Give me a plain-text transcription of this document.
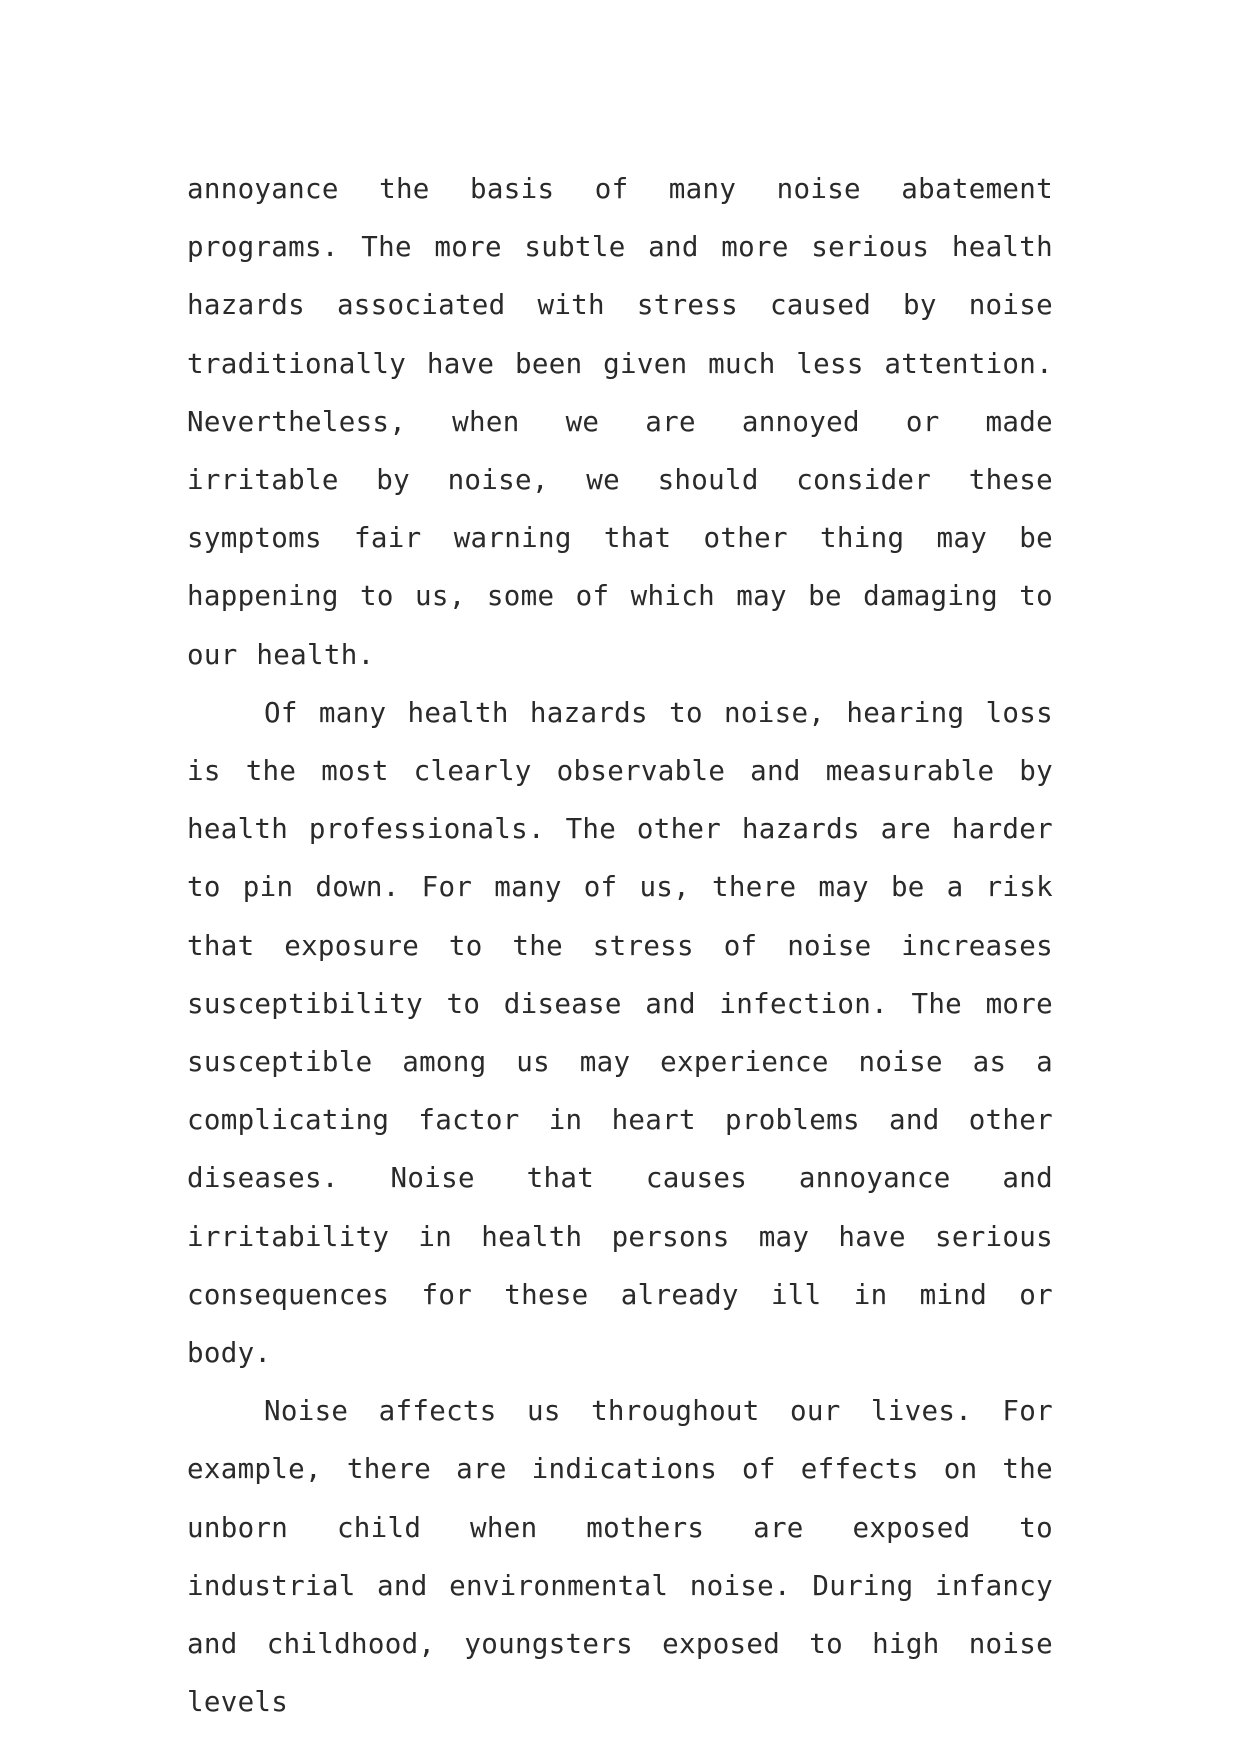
annoyance the basis of many noise abatement programs. The more subtle and more serious health hazards associated with stress caused by noise traditionally have been given much less attention. Nevertheless, when we are annoyed or made irritable by noise, we should consider these symptoms fair warning that other thing may be happening to us, some of which may be damaging to our health.

Of many health hazards to noise, hearing loss is the most clearly observable and measurable by health professionals. The other hazards are harder to pin down. For many of us, there may be a risk that exposure to the stress of noise increases susceptibility to disease and infection. The more susceptible among us may experience noise as a complicating factor in heart problems and other diseases. Noise that causes annoyance and irritability in health persons may have serious consequences for these already ill in mind or body.

Noise affects us throughout our lives. For example, there are indications of effects on the unborn child when mothers are exposed to industrial and environmental noise. During infancy and childhood, youngsters exposed to high noise levels
